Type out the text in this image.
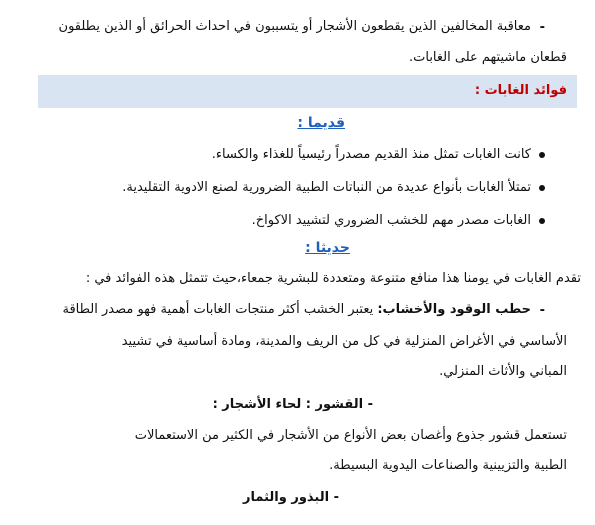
-
معاقبة المخالفين الذين يقطعون الأشجار أو يتسببون في احداث الحرائق أو الذين يطلقون
قطعان ماشيتهم على الغابات.
فوائد الغابات :
قديما :
كانت الغابات تمثل منذ القديم مصدراً رئيسياً للغذاء والكساء.
تمتلأ الغابات بأنواع عديدة من النباتات الطبية الضرورية لصنع الادوية التقليدية.
الغابات مصدر مهم للخشب الضروري لتشييد الاكواخ.
حديثا :
تقدم الغابات في يومنا هذا منافع متنوعة ومتعددة للبشرية جمعاء،حيث تتمثل هذه الفوائد في :
-
حطب الوقود والأخشاب: يعتبر الخشب أكثر منتجات الغابات أهمية فهو مصدر الطاقة
الأساسي في الأغراض المنزلية في كل من الريف والمدينة، ومادة أساسية في تشييد
المباني والأثاث المنزلي.
- القشور : لحاء الأشجار :
تستعمل قشور جذوع وأغصان بعض الأنواع من الأشجار في الكثير من الاستعمالات
الطبية والتزيينية والصناعات اليدوية البسيطة.
- البذور والثمار
